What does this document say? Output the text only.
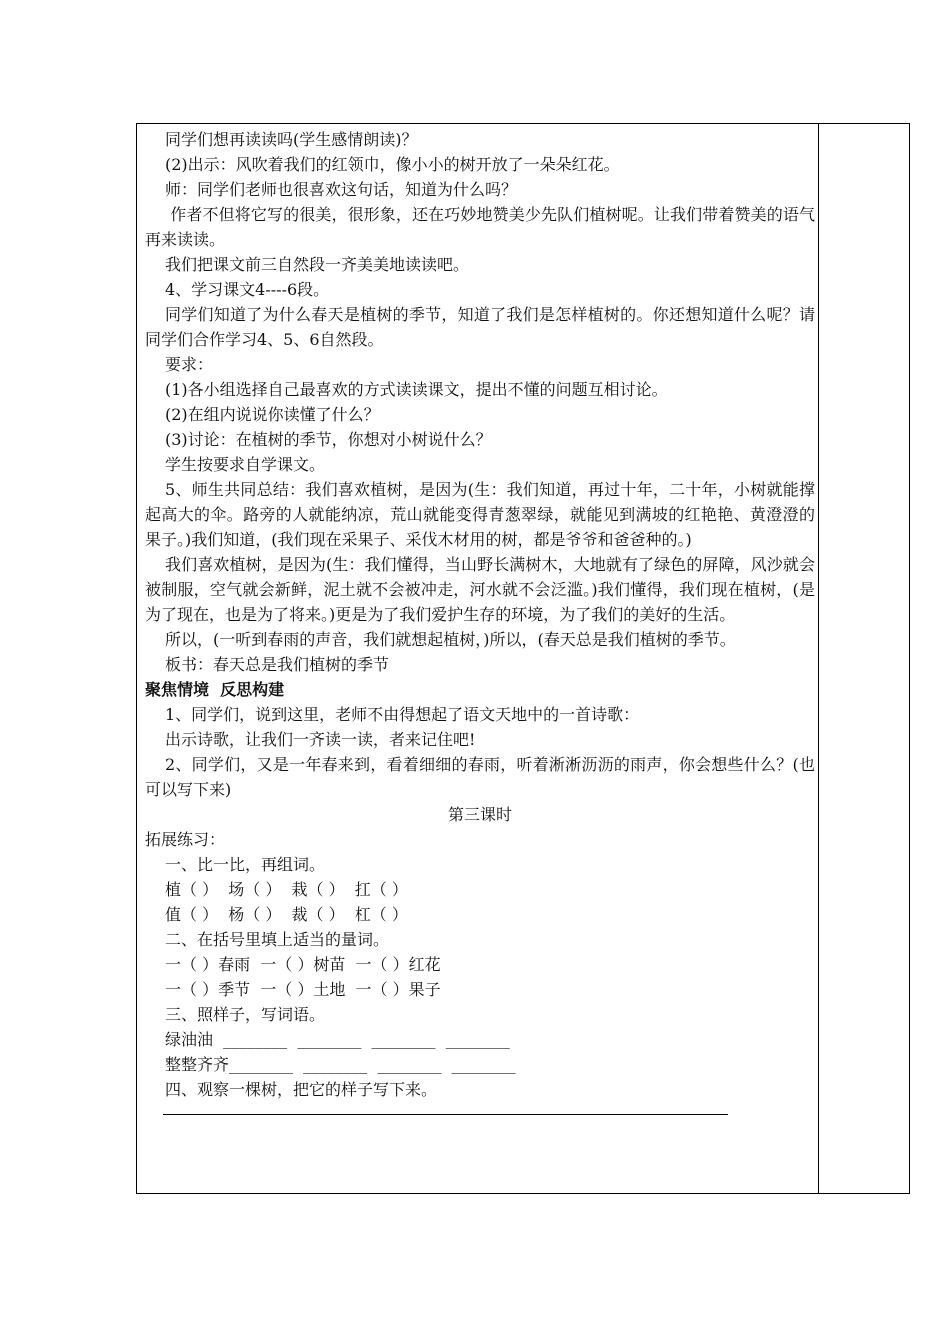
同学们想再读读吗(学生感情朗读)？

(2)出示：风吹着我们的红领巾，像小小的树开放了一朵朵红花。

师：同学们老师也很喜欢这句话，知道为什么吗？

作者不但将它写的很美，很形象，还在巧妙地赞美少先队们植树呢。让我们带着赞美的语气再来读读。

我们把课文前三自然段一齐美美地读读吧。

4、学习课文4----6段。

同学们知道了为什么春天是植树的季节，知道了我们是怎样植树的。你还想知道什么呢？请同学们合作学习4、5、6自然段。

要求：

(1)各小组选择自己最喜欢的方式读读课文，提出不懂的问题互相讨论。

(2)在组内说说你读懂了什么？

(3)讨论：在植树的季节，你想对小树说什么？

学生按要求自学课文。

5、师生共同总结：我们喜欢植树，是因为(生：我们知道，再过十年，二十年，小树就能撑起高大的伞。路旁的人就能纳凉，荒山就能变得青葱翠绿，就能见到满坡的红艳艳、黄澄澄的果子。)我们知道，(我们现在采果子、采伐木材用的树，都是爷爷和爸爸种的。)

我们喜欢植树，是因为(生：我们懂得，当山野长满树木，大地就有了绿色的屏障，风沙就会被制服，空气就会新鲜，泥土就不会被冲走，河水就不会泛滥。)我们懂得，我们现在植树，(是为了现在，也是为了将来。)更是为了我们爱护生存的环境，为了我们的美好的生活。

所以，(一听到春雨的声音，我们就想起植树，)所以，(春天总是我们植树的季节。

板书：春天总是我们植树的季节

聚焦情境  反思构建

1、同学们，说到这里，老师不由得想起了语文天地中的一首诗歌：

出示诗歌，让我们一齐读一读，者来记住吧!

2、同学们，又是一年春来到，看着细细的春雨，听着淅淅沥沥的雨声，你会想些什么？(也可以写下来)

第三课时

拓展练习：

一、比一比，再组词。

植（ ）  场（ ）  栽（ ）  扛（ ）

值（ ）  杨（ ）  裁（ ）  杠（ ）

二、在括号里填上适当的量词。

一（ ）春雨  一（ ）树苗  一（ ）红花

一（ ）季节  一（ ）土地  一（ ）果子

三、照样子，写词语。

绿油油  ________  ________  ________  ________

整整齐齐________  ________  ________  ________

四、观察一棵树，把它的样子写下来。
